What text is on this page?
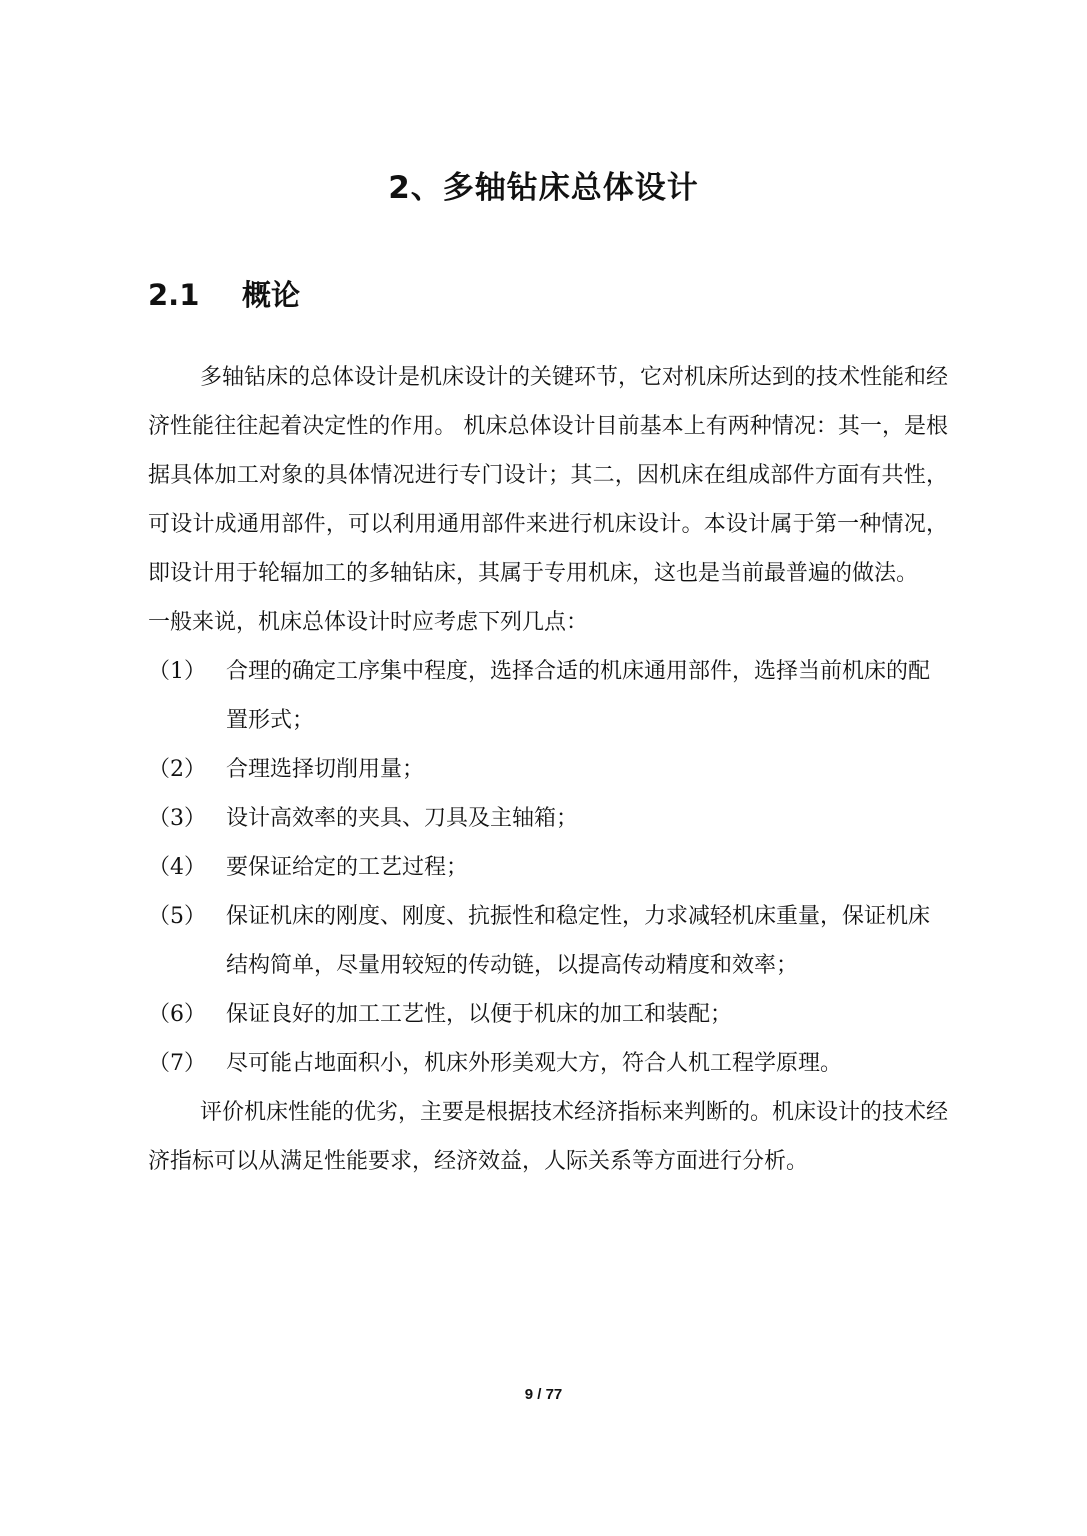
2、多轴钻床总体设计
2.1 概论

多轴钻床的总体设计是机床设计的关键环节，它对机床所达到的技术性能和经济性能往往起着决定性的作用。 机床总体设计目前基本上有两种情况：其一，是根据具体加工对象的具体情况进行专门设计；其二，因机床在组成部件方面有共性，可设计成通用部件，可以利用通用部件来进行机床设计。本设计属于第一种情况，即设计用于轮辐加工的多轴钻床，其属于专用机床，这也是当前最普遍的做法。

一般来说，机床总体设计时应考虑下列几点：

（1） 合理的确定工序集中程度，选择合适的机床通用部件，选择当前机床的配置形式；
（2） 合理选择切削用量；
（3） 设计高效率的夹具、刀具及主轴箱；
（4） 要保证给定的工艺过程；
（5） 保证机床的刚度、刚度、抗振性和稳定性，力求减轻机床重量，保证机床结构简单，尽量用较短的传动链，以提高传动精度和效率；
（6） 保证良好的加工工艺性，以便于机床的加工和装配；
（7） 尽可能占地面积小，机床外形美观大方，符合人机工程学原理。

评价机床性能的优劣，主要是根据技术经济指标来判断的。机床设计的技术经济指标可以从满足性能要求，经济效益，人际关系等方面进行分析。

9 / 77
